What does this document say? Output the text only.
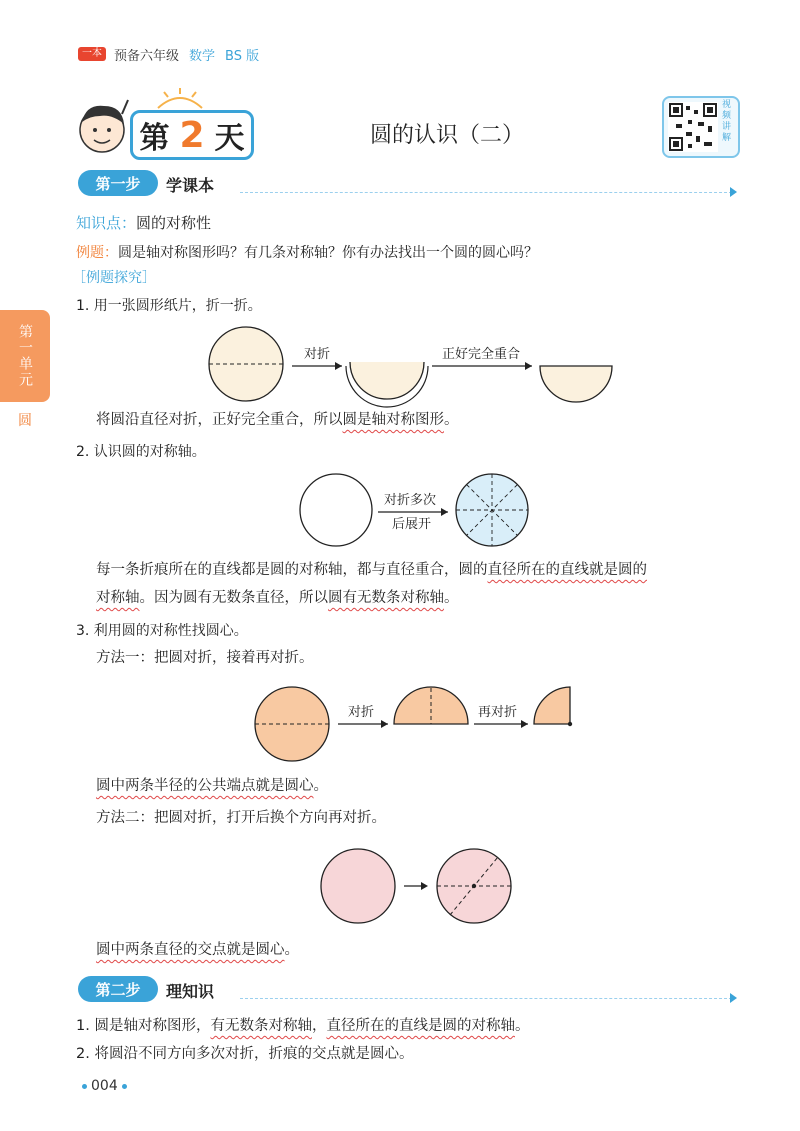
一本 预备六年级 数学 BS 版
第 2 天	圆的认识（二）
视频讲解
第一单元
圆
第一步	学课本
知识点：圆的对称性
例题：圆是轴对称图形吗？有几条对称轴？你有办法找出一个圆的圆心吗？
［例题探究］
1. 用一张圆形纸片，折一折。
对折	正好完全重合
将圆沿直径对折，正好完全重合，所以圆是轴对称图形。
2. 认识圆的对称轴。
对折多次
后展开
每一条折痕所在的直线都是圆的对称轴，都与直径重合，圆的直径所在的直线就是圆的
对称轴。因为圆有无数条直径，所以圆有无数条对称轴。
3. 利用圆的对称性找圆心。
方法一：把圆对折，接着再对折。
对折	再对折
圆中两条半径的公共端点就是圆心。
方法二：把圆对折，打开后换个方向再对折。
圆中两条直径的交点就是圆心。
第二步	理知识
1. 圆是轴对称图形，有无数条对称轴，直径所在的直线是圆的对称轴。
2. 将圆沿不同方向多次对折，折痕的交点就是圆心。
004
